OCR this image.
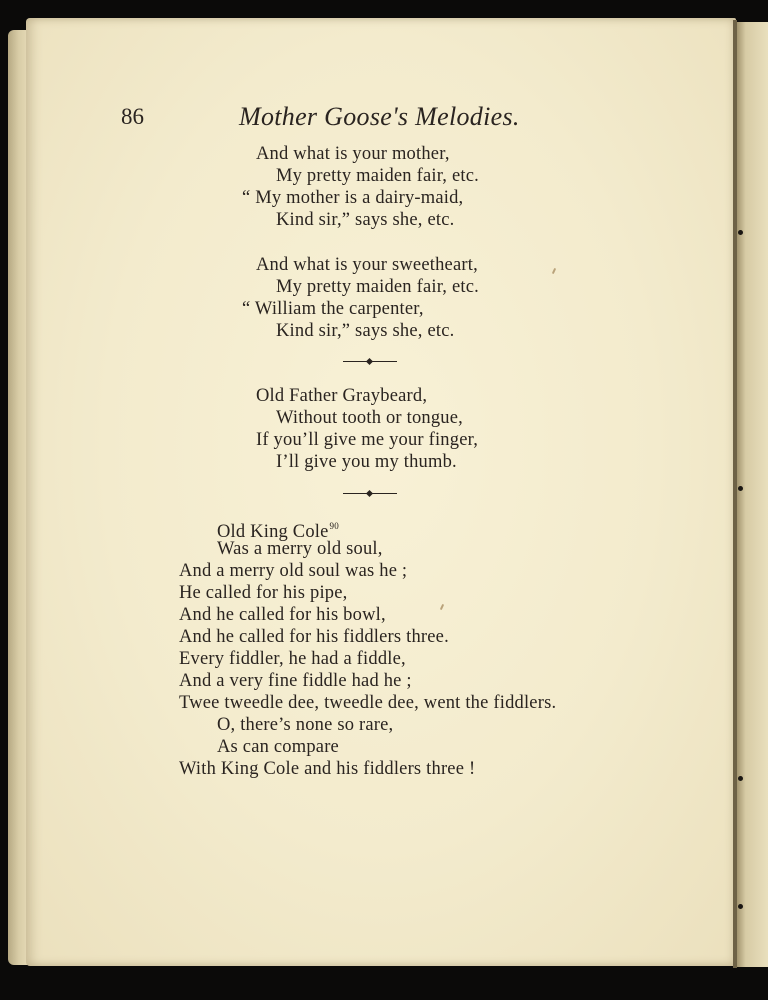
86	Mother Goose's Melodies.
And what is your mother,
My pretty maiden fair, etc.
“ My mother is a dairy-maid,
Kind sir,” says she, etc.
And what is your sweetheart,
My pretty maiden fair, etc.
“ William the carpenter,
Kind sir,” says she, etc.
Old Father Graybeard,
Without tooth or tongue,
If you’ll give me your finger,
I’ll give you my thumb.
Old King Cole$^{90}$
Was a merry old soul,
And a merry old soul was he ;
He called for his pipe,
And he called for his bowl,
And he called for his fiddlers three.
Every fiddler, he had a fiddle,
And a very fine fiddle had he ;
Twee tweedle dee, tweedle dee, went the fiddlers.
O, there’s none so rare,
As can compare
With King Cole and his fiddlers three !
